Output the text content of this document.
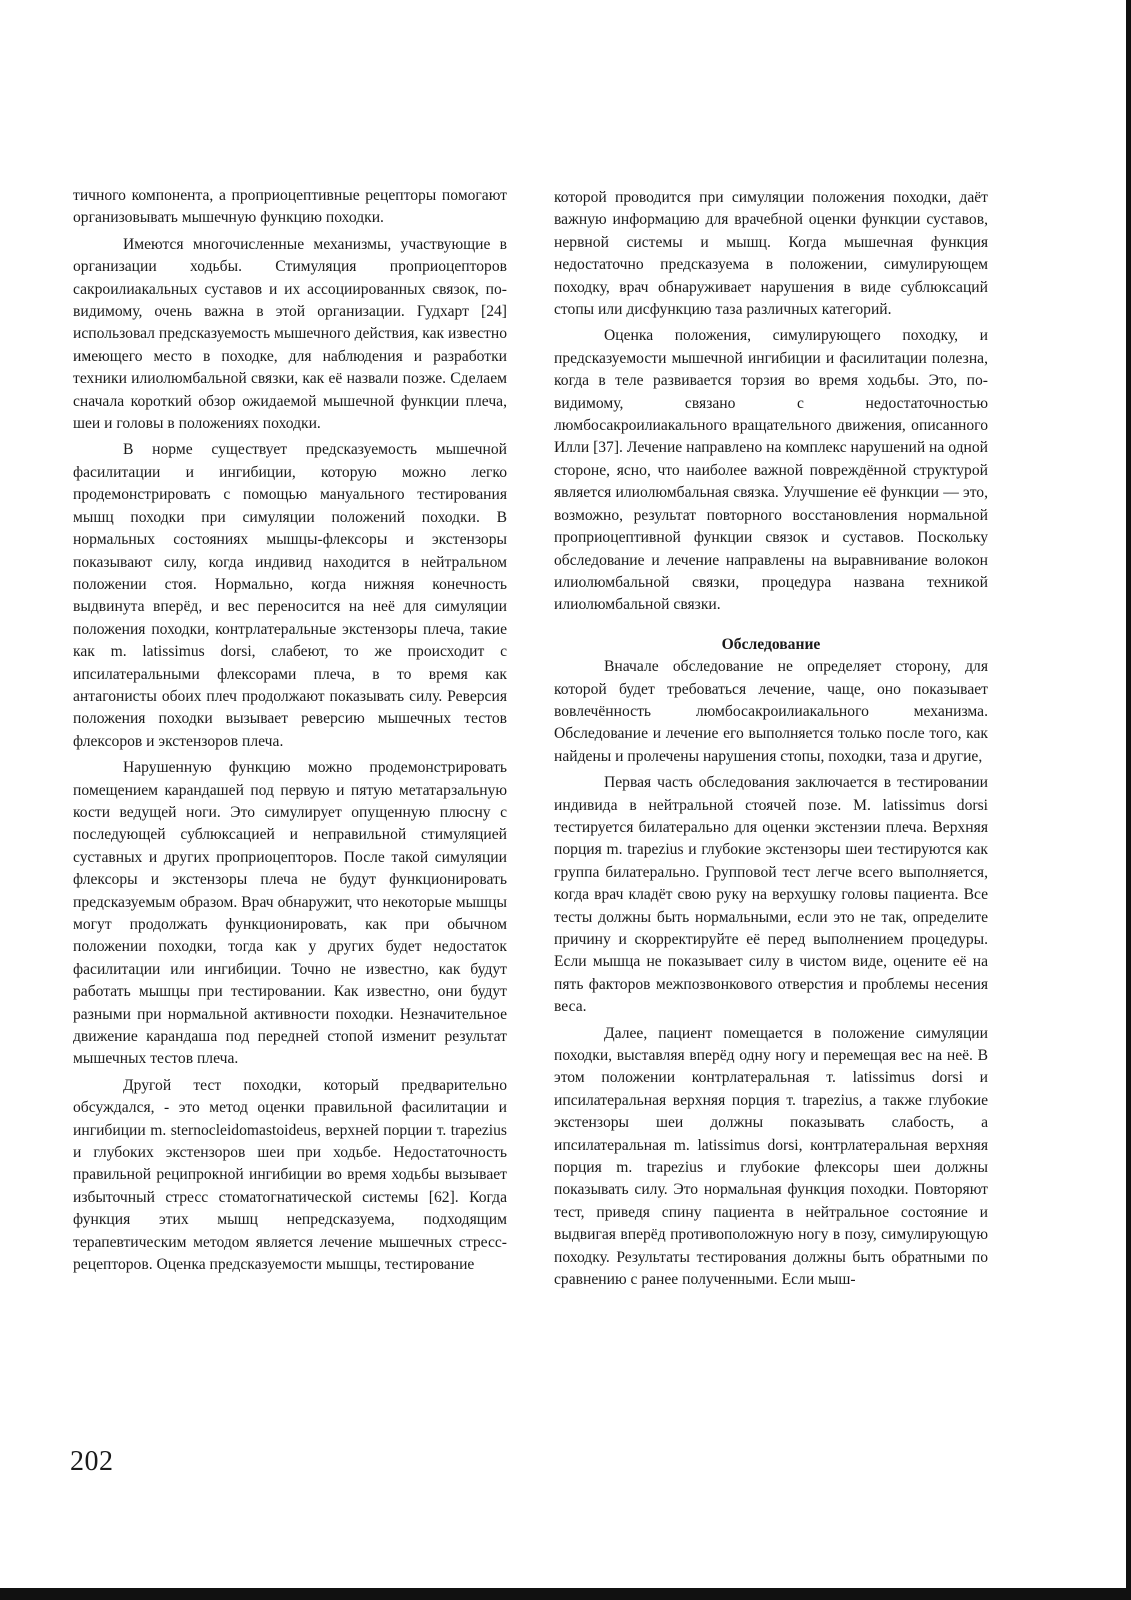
тичного компонента, а проприоцептивные рецепторы помогают организовывать мышечную функцию походки.

Имеются многочисленные механизмы, участвующие в организации ходьбы. Стимуляция проприоцепторов сакроилиакальных суставов и их ассоциированных связок, по-видимому, очень важна в этой организации. Гудхарт [24] использовал предсказуемость мышечного действия, как известно имеющего место в походке, для наблюдения и разработки техники илиолюмбальной связки, как её назвали позже. Сделаем сначала короткий обзор ожидаемой мышечной функции плеча, шеи и головы в положениях походки.

В норме существует предсказуемость мышечной фасилитации и ингибиции, которую можно легко продемонстрировать с помощью мануального тестирования мышц походки при симуляции положений походки. В нормальных состояниях мышцы-флексоры и экстензоры показывают силу, когда индивид находится в нейтральном положении стоя. Нормально, когда нижняя конечность выдвинута вперёд, и вес переносится на неё для симуляции положения походки, контрлатеральные экстензоры плеча, такие как m. latissimus dorsi, слабеют, то же происходит с ипсилатеральными флексорами плеча, в то время как антагонисты обоих плеч продолжают показывать силу. Реверсия положения походки вызывает реверсию мышечных тестов флексоров и экстензоров плеча.

Нарушенную функцию можно продемонстрировать помещением карандашей под первую и пятую метатарзальную кости ведущей ноги. Это симулирует опущенную плюсну с последующей сублюксацией и неправильной стимуляцией суставных и других проприоцепторов. После такой симуляции флексоры и экстензоры плеча не будут функционировать предсказуемым образом. Врач обнаружит, что некоторые мышцы могут продолжать функционировать, как при обычном положении походки, тогда как у других будет недостаток фасилитации или ингибиции. Точно не известно, как будут работать мышцы при тестировании. Как известно, они будут разными при нормальной активности походки. Незначительное движение карандаша под передней стопой изменит результат мышечных тестов плеча.

Другой тест походки, который предварительно обсуждался, - это метод оценки правильной фасилитации и ингибиции m. sternocleidomastoideus, верхней порции т. trapezius и глубоких экстензоров шеи при ходьбе. Недостаточность правильной реципрокной ингибиции во время ходьбы вызывает избыточный стресс стоматогнатической системы [62]. Когда функция этих мышц непредсказуема, подходящим терапевтическим методом является лечение мышечных стресс-рецепторов. Оценка предсказуемости мышцы, тестирование

которой проводится при симуляции положения походки, даёт важную информацию для врачебной оценки функции суставов, нервной системы и мышц. Когда мышечная функция недостаточно предсказуема в положении, симулирующем походку, врач обнаруживает нарушения в виде сублюксаций стопы или дисфункцию таза различных категорий.

Оценка положения, симулирующего походку, и предсказуемости мышечной ингибиции и фасилитации полезна, когда в теле развивается торзия во время ходьбы. Это, по-видимому, связано с недостаточностью люмбосакроилиакального вращательного движения, описанного Илли [37]. Лечение направлено на комплекс нарушений на одной стороне, ясно, что наиболее важной повреждённой структурой является илиолюмбальная связка. Улучшение её функции — это, возможно, результат повторного восстановления нормальной проприоцептивной функции связок и суставов. Поскольку обследование и лечение направлены на выравнивание волокон илиолюмбальной связки, процедура названа техникой илиолюмбальной связки.

Обследование

Вначале обследование не определяет сторону, для которой будет требоваться лечение, чаще, оно показывает вовлечённость люмбосакроилиакального механизма. Обследование и лечение его выполняется только после того, как найдены и пролечены нарушения стопы, походки, таза и другие,

Первая часть обследования заключается в тестировании индивида в нейтральной стоячей позе. М. latissimus dorsi тестируется билатерально для оценки экстензии плеча. Верхняя порция m. trapezius и глубокие экстензоры шеи тестируются как группа билатерально. Групповой тест легче всего выполняется, когда врач кладёт свою руку на верхушку головы пациента. Все тесты должны быть нормальными, если это не так, определите причину и скорректируйте её перед выполнением процедуры. Если мышца не показывает силу в чистом виде, оцените её на пять факторов межпозвонкового отверстия и проблемы несения веса.

Далее, пациент помещается в положение симуляции походки, выставляя вперёд одну ногу и перемещая вес на неё. В этом положении контрлатеральная т. latissimus dorsi и ипсилатеральная верхняя порция т. trapezius, а также глубокие экстензоры шеи должны показывать слабость, а ипсилатеральная m. latissimus dorsi, контрлатеральная верхняя порция m. trapezius и глубокие флексоры шеи должны показывать силу. Это нормальная функция походки. Повторяют тест, приведя спину пациента в нейтральное состояние и выдвигая вперёд противоположную ногу в позу, симулирующую походку. Результаты тестирования должны быть обратными по сравнению с ранее полученными. Если мыш-

202
